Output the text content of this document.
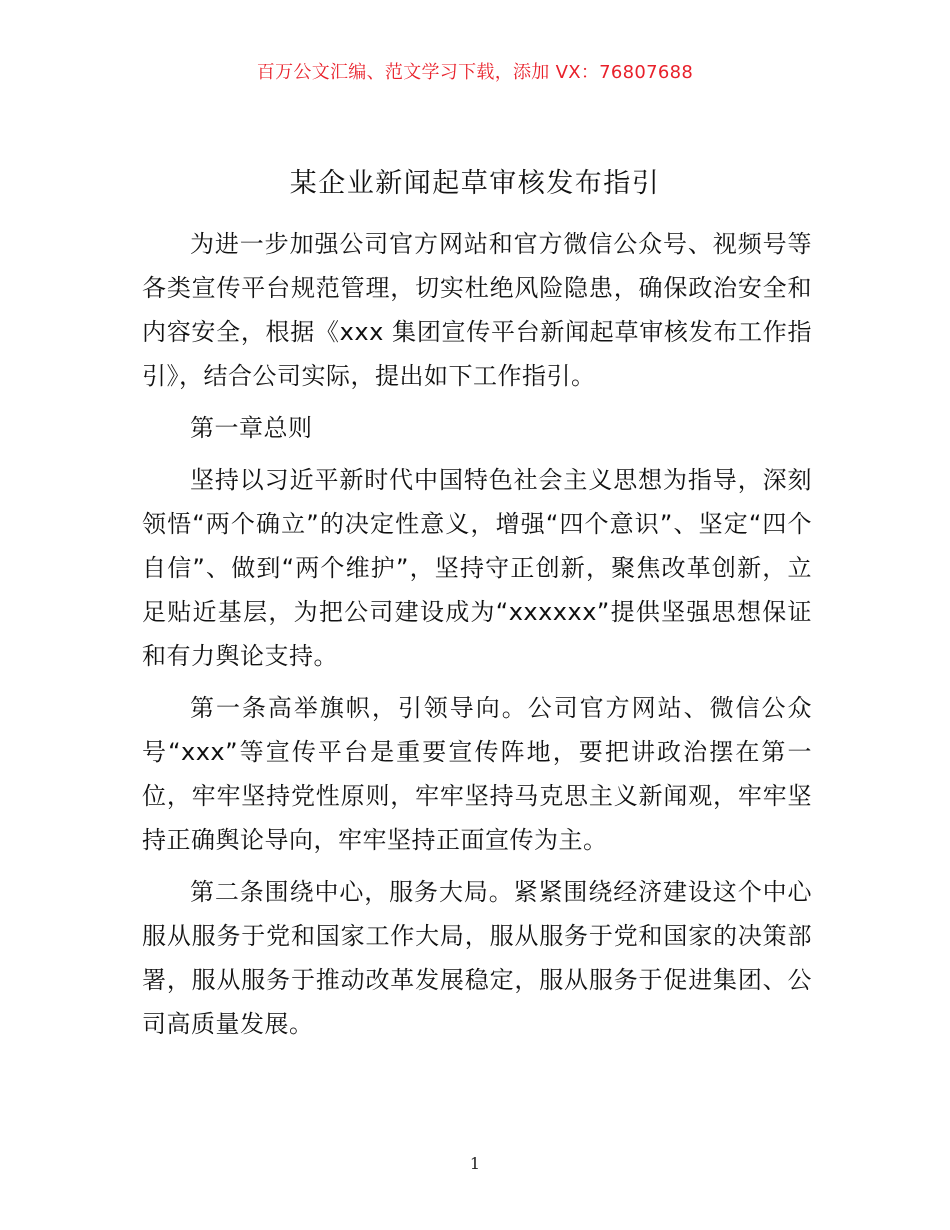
百万公文汇编、范文学习下载，添加 VX：76807688
某企业新闻起草审核发布指引

为进一步加强公司官方网站和官方微信公众号、视频号等各类宣传平台规范管理，切实杜绝风险隐患，确保政治安全和内容安全，根据《xxx 集团宣传平台新闻起草审核发布工作指引》，结合公司实际，提出如下工作指引。

第一章总则

坚持以习近平新时代中国特色社会主义思想为指导，深刻领悟“两个确立”的决定性意义，增强“四个意识”、坚定“四个自信”、做到“两个维护”，坚持守正创新，聚焦改革创新，立足贴近基层，为把公司建设成为“xxxxxx”提供坚强思想保证和有力舆论支持。

第一条高举旗帜，引领导向。公司官方网站、微信公众号“xxx”等宣传平台是重要宣传阵地，要把讲政治摆在第一位，牢牢坚持党性原则，牢牢坚持马克思主义新闻观，牢牢坚持正确舆论导向，牢牢坚持正面宣传为主。

第二条围绕中心，服务大局。紧紧围绕经济建设这个中心服从服务于党和国家工作大局，服从服务于党和国家的决策部署，服从服务于推动改革发展稳定，服从服务于促进集团、公司高质量发展。

1
